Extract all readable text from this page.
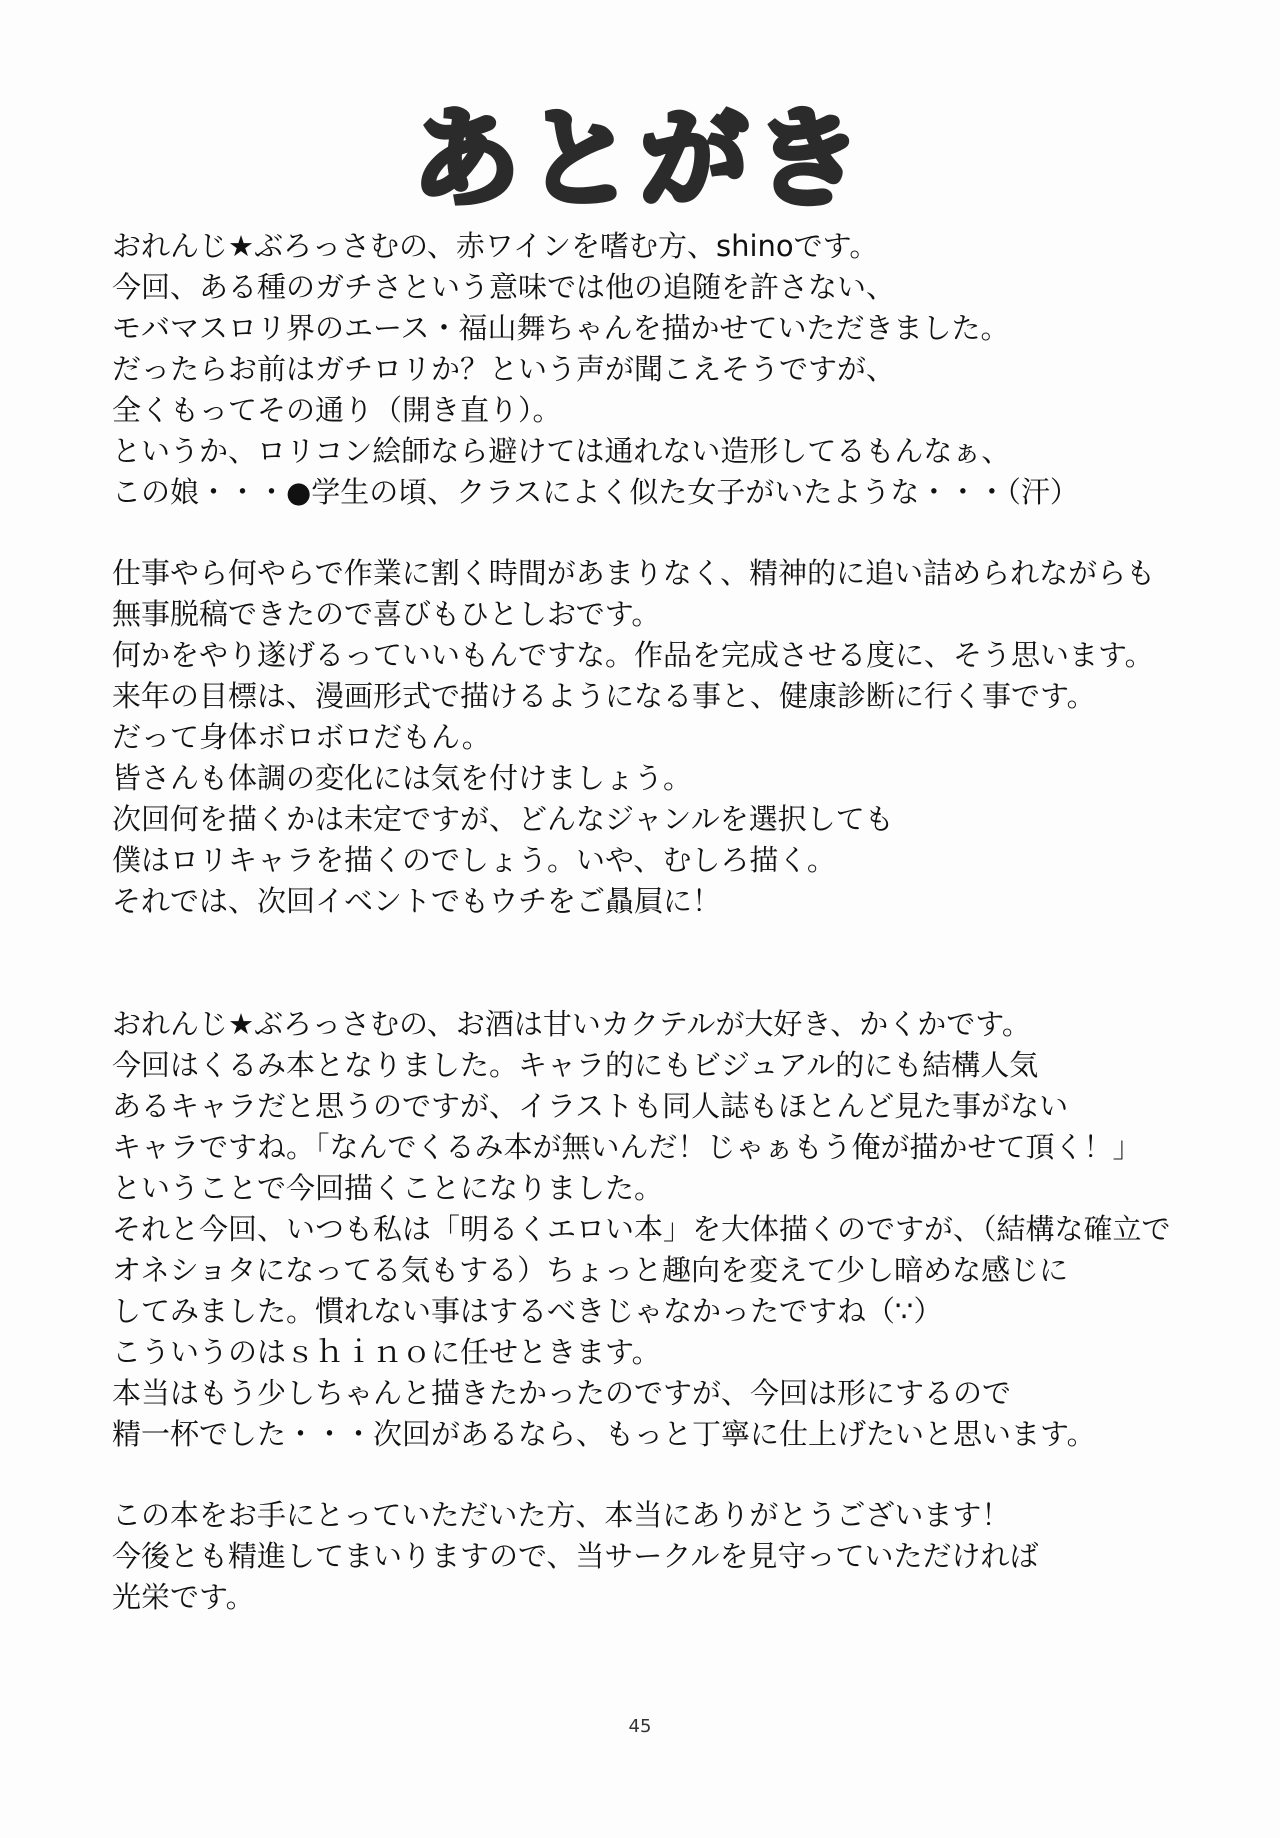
あとがき
おれんじ★ぶろっさむの、赤ワインを嗜む方、shinoです。
今回、ある種のガチさという意味では他の追随を許さない、
モバマスロリ界のエース・福山舞ちゃんを描かせていただきました。
だったらお前はガチロリか？という声が聞こえそうですが、
全くもってその通り（開き直り）。
というか、ロリコン絵師なら避けては通れない造形してるもんなぁ、
この娘・・・●学生の頃、クラスによく似た女子がいたような・・・（汗）
仕事やら何やらで作業に割く時間があまりなく、精神的に追い詰められながらも
無事脱稿できたので喜びもひとしおです。
何かをやり遂げるっていいもんですな。作品を完成させる度に、そう思います。
来年の目標は、漫画形式で描けるようになる事と、健康診断に行く事です。
だって身体ボロボロだもん。
皆さんも体調の変化には気を付けましょう。
次回何を描くかは未定ですが、どんなジャンルを選択しても
僕はロリキャラを描くのでしょう。いや、むしろ描く。
それでは、次回イベントでもウチをご贔屓に！
おれんじ★ぶろっさむの、お酒は甘いカクテルが大好き、かくかです。
今回はくるみ本となりました。キャラ的にもビジュアル的にも結構人気
あるキャラだと思うのですが、イラストも同人誌もほとんど見た事がない
キャラですね。「なんでくるみ本が無いんだ！じゃぁもう俺が描かせて頂く！」
ということで今回描くことになりました。
それと今回、いつも私は「明るくエロい本」を大体描くのですが、（結構な確立で
オネショタになってる気もする）ちょっと趣向を変えて少し暗めな感じに
してみました。慣れない事はするべきじゃなかったですね（∵）
こういうのはｓｈｉｎｏに任せときます。
本当はもう少しちゃんと描きたかったのですが、今回は形にするので
精一杯でした・・・次回があるなら、もっと丁寧に仕上げたいと思います。
この本をお手にとっていただいた方、本当にありがとうございます！
今後とも精進してまいりますので、当サークルを見守っていただければ
光栄です。
45
